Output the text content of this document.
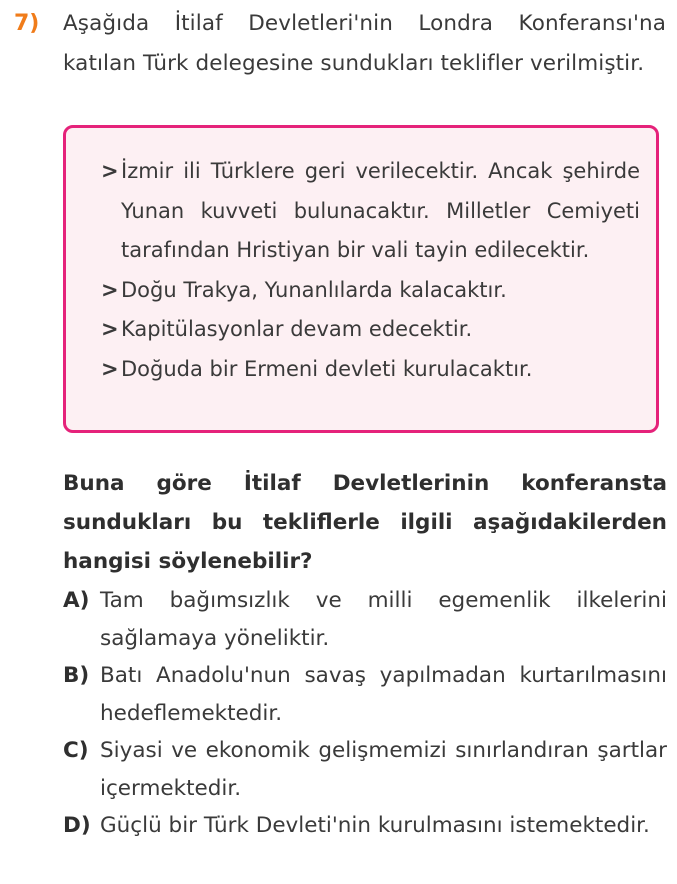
7) Aşağıda İtilaf Devletleri'nin Londra Konferansı'na katılan Türk delegesine sundukları teklifler verilmiştir.
> İzmir ili Türklere geri verilecektir. Ancak şehirde Yunan kuvveti bulunacaktır. Milletler Cemiyeti tarafından Hristiyan bir vali tayin edilecektir.
> Doğu Trakya, Yunanlılarda kalacaktır.
> Kapitülasyonlar devam edecektir.
> Doğuda bir Ermeni devleti kurulacaktır.
Buna göre İtilaf Devletlerinin konferansta sundukları bu tekliflerle ilgili aşağıdakilerden hangisi söylenebilir?
A) Tam bağımsızlık ve milli egemenlik ilkelerini sağlamaya yöneliktir.
B) Batı Anadolu'nun savaş yapılmadan kurtarılmasını hedeflemektedir.
C) Siyasi ve ekonomik gelişmemizi sınırlandıran şartlar içermektedir.
D) Güçlü bir Türk Devleti'nin kurulmasını istemektedir.
